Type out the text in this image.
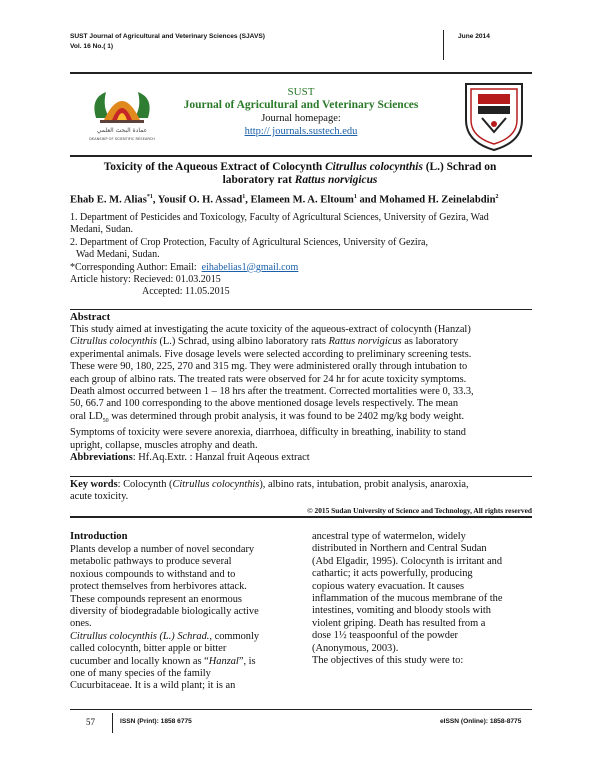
SUST Journal of Agricultural and Veterinary Sciences (SJAVS)
Vol. 16 No.( 1)
June 2014
عمادة البحث العلمي
DEANSHIP OF SCIENTIFIC RESEARCH
SUST
Journal of Agricultural and Veterinary Sciences
Journal homepage:
http:// journals.sustech.edu
Toxicity of the Aqueous Extract of Colocynth Citrullus colocynthis (L.) Schrad on
laboratory rat Rattus norvigicus
Ehab E. M. Alias$^{*1}$, Yousif O. H. Assad$^1$, Elameen M. A. Eltoum$^1$ and Mohamed H. Zeinelabdin$^2$
1. Department of Pesticides and Toxicology, Faculty of Agricultural Sciences, University of Gezira, Wad
Medani, Sudan.
2. Department of Crop Protection, Faculty of Agricultural Sciences, University of Gezira,
Wad Medani, Sudan.
*Corresponding Author: Email: eihabelias1@gmail.com
Article history: Recieved: 01.03.2015
Accepted: 11.05.2015
Abstract
This study aimed at investigating the acute toxicity of the aqueous-extract of colocynth (Hanzal)
Citrullus colocynthis (L.) Schrad, using albino laboratory rats Rattus norvigicus as laboratory
experimental animals. Five dosage levels were selected according to preliminary screening tests.
These were 90, 180, 225, 270 and 315 mg. They were administered orally through intubation to
each group of albino rats. The treated rats were observed for 24 hr for acute toxicity symptoms.
Death almost occurred between 1 – 18 hrs after the treatment. Corrected mortalities were 0, 33.3,
50, 66.7 and 100 corresponding to the above mentioned dosage levels respectively. The mean
oral $LD_{50}$ was determined through probit analysis, it was found to be 2402 mg/kg body weight.
Symptoms of toxicity were severe anorexia, diarrhoea, difficulty in breathing, inability to stand
upright, collapse, muscles atrophy and death.
Abbreviations: Hf.Aq.Extr. : Hanzal fruit Aqeous extract
Key words: Colocynth (Citrullus colocynthis), albino rats, intubation, probit analysis, anaroxia,
acute toxicity.
© 2015 Sudan University of Science and Technology, All rights reserved
Introduction
Plants develop a number of novel secondary
metabolic pathways to produce several
noxious compounds to withstand and to
protect themselves from herbivores attack.
These compounds represent an enormous
diversity of biodegradable biologically active
ones.
Citrullus colocynthis (L.) Schrad., commonly
called colocynth, bitter apple or bitter
cucumber and locally known as “Hanzal”, is
one of many species of the family
Cucurbitaceae. It is a wild plant; it is an
ancestral type of watermelon, widely
distributed in Northern and Central Sudan
(Abd Elgadir, 1995). Colocynth is irritant and
cathartic; it acts powerfully, producing
copious watery evacuation. It causes
inflammation of the mucous membrane of the
intestines, vomiting and bloody stools with
violent griping. Death has resulted from a
dose 1½ teaspoonful of the powder
(Anonymous, 2003).
The objectives of this study were to:
57	ISSN (Print): 1858 6775	eISSN (Online): 1858-8775
